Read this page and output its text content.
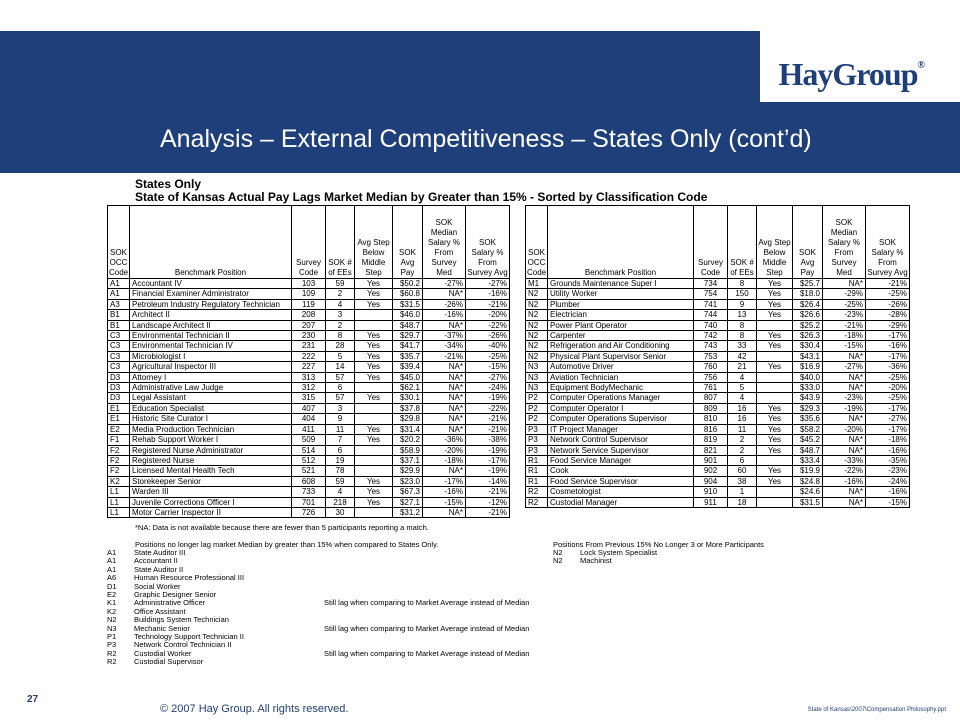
HayGroup®
Analysis – External Competitiveness – States Only (cont’d)
States Only
State of Kansas Actual Pay Lags Market Median by Greater than 15% - Sorted by Classification Code
SOK OCC Code	Benchmark Position	Survey Code	SOK # of EEs	Avg Step Below Middle Step	SOK Avg Pay	SOK Median Salary % From Survey Med	SOK Salary % From Survey Avg
A1	Accountant IV	103	59	Yes	$50.2	-27%	-27%
A1	Financial Examiner Administrator	109	2	Yes	$60.8	NA*	-16%
A3	Petroleum Industry Regulatory Technician	119	4	Yes	$31.5	-26%	-21%
B1	Architect II	208	3		$46.0	-16%	-20%
B1	Landscape Architect II	207	2		$48.7	NA*	-22%
C3	Environmental Technician II	230	8	Yes	$29.7	-37%	-26%
C3	Environmental Technician IV	231	28	Yes	$41.7	-34%	-40%
C3	Microbiologist I	222	5	Yes	$35.7	-21%	-25%
C3	Agricultural Inspector III	227	14	Yes	$39.4	NA*	-15%
D3	Attorney I	313	57	Yes	$45.0	NA*	-27%
D3	Administrative Law Judge	312	6		$62.1	NA*	-24%
D3	Legal Assistant	315	57	Yes	$30.1	NA*	-19%
E1	Education Specialist	407	3		$37.8	NA*	-22%
E1	Historic Site Curator I	404	9		$29.8	NA*	-21%
E2	Media Production Technician	411	11	Yes	$31.4	NA*	-21%
F1	Rehab Support Worker I	509	7	Yes	$20.2	-36%	-38%
F2	Registered Nurse Administrator	514	6		$58.9	-20%	-19%
F2	Registered Nurse	512	19		$37.1	-18%	-17%
F2	Licensed Mental Health Tech	521	78		$29.9	NA*	-19%
K2	Storekeeper Senior	608	59	Yes	$23.0	-17%	-14%
L1	Warden III	733	4	Yes	$67.3	-16%	-21%
L1	Juvenile Corrections Officer I	701	218	Yes	$27.1	-15%	-12%
L1	Motor Carrier Inspector II	726	30		$31.2	NA*	-21%
SOK OCC Code	Benchmark Position	Survey Code	SOK # of EEs	Avg Step Below Middle Step	SOK Avg Pay	SOK Median Salary % From Survey Med	SOK Salary % From Survey Avg
M1	Grounds Maintenance Super I	734	8	Yes	$25.7	NA*	-21%
N2	Utility Worker	754	150	Yes	$18.0	-29%	-25%
N2	Plumber	741	9	Yes	$26.4	-25%	-26%
N2	Electrician	744	13	Yes	$26.6	-23%	-28%
N2	Power Plant Operator	740	8		$25.2	-21%	-29%
N2	Carpenter	742	8	Yes	$26.3	-18%	-17%
N2	Refrigeration and Air Conditioning	743	33	Yes	$30.4	-15%	-16%
N2	Physical Plant Supervisor Senior	753	42		$43.1	NA*	-17%
N3	Automotive Driver	760	21	Yes	$16.9	-27%	-36%
N3	Aviation Technician	756	4		$40.0	NA*	-25%
N3	Equipment BodyMechanic	761	5		$33.0	NA*	-20%
P2	Computer Operations Manager	807	4		$43.9	-23%	-25%
P2	Computer Operator I	809	16	Yes	$29.3	-19%	-17%
P2	Computer Operations Supervisor	810	16	Yes	$35.6	NA*	-27%
P3	IT Project Manager	816	11	Yes	$58.2	-20%	-17%
P3	Network Control Supervisor	819	2	Yes	$45.2	NA*	-18%
P3	Network Service Supervisor	821	2	Yes	$48.7	NA*	-16%
R1	Food Service Manager	901	6		$33.4	-33%	-35%
R1	Cook	902	60	Yes	$19.9	-22%	-23%
R1	Food Service Supervisor	904	38	Yes	$24.8	-16%	-24%
R2	Cosmetologist	910	1		$24.6	NA*	-16%
R2	Custodial Manager	911	18		$31.5	NA*	-15%
*NA: Data is not available because there are fewer than 5 participants reporting a match.
Positions no longer lag market Median by greater than 15% when compared to States Only.
A1	State Auditor III
A1	Accountant II
A1	State Auditor II
A6	Human Resource Professional III
D1	Social Worker
E2	Graphic Designer Senior
K1	Administrative Officer	Still lag when comparing to Market Average instead of Median
K2	Office Assistant
N2	Buildings System Technician
N3	Mechanic Senior	Still lag when comparing to Market Average instead of Median
P1	Technology Support Technician II
P3	Network Control Technician II
R2	Custodial Worker	Still lag when comparing to Market Average instead of Median
R2	Custodial Supervisor
Positions From Previous 15% No Longer 3 or More Participants
N2	Lock System Specialist
N2	Machinist
27
© 2007 Hay Group. All rights reserved.	State of Kansas\2007\Compensation Philosophy.ppt
